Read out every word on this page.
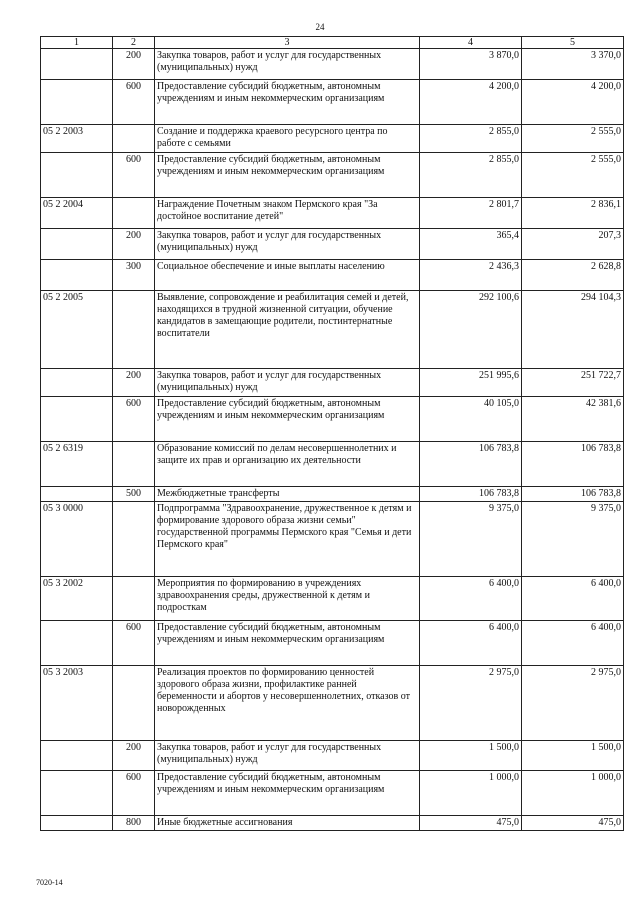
24
1	2	3	4	5
	200	Закупка товаров, работ и услуг для государственных (муниципальных) нужд	3 870,0	3 370,0
	600	Предоставление субсидий бюджетным, автономным учреждениям и иным некоммерческим организациям	4 200,0	4 200,0
05 2 2003		Создание и поддержка краевого ресурсного центра по работе с семьями	2 855,0	2 555,0
	600	Предоставление субсидий бюджетным, автономным учреждениям и иным некоммерческим организациям	2 855,0	2 555,0
05 2 2004		Награждение Почетным знаком Пермского края "За достойное воспитание детей"	2 801,7	2 836,1
	200	Закупка товаров, работ и услуг для государственных (муниципальных) нужд	365,4	207,3
	300	Социальное обеспечение и иные выплаты населению	2 436,3	2 628,8
05 2 2005		Выявление, сопровождение и реабилитация семей и детей, находящихся в трудной жизненной ситуации, обучение кандидатов в замещающие родители, постинтернатные воспитатели	292 100,6	294 104,3
	200	Закупка товаров, работ и услуг для государственных (муниципальных) нужд	251 995,6	251 722,7
	600	Предоставление субсидий бюджетным, автономным учреждениям и иным некоммерческим организациям	40 105,0	42 381,6
05 2 6319		Образование комиссий по делам несовершеннолетних и защите их прав и организацию их деятельности	106 783,8	106 783,8
	500	Межбюджетные трансферты	106 783,8	106 783,8
05 3 0000		Подпрограмма "Здравоохранение, дружественное к детям и формирование здорового образа жизни семьи" государственной программы Пермского края "Семья и дети Пермского края"	9 375,0	9 375,0
05 3 2002		Мероприятия по формированию в учреждениях здравоохранения среды, дружественной к детям и подросткам	6 400,0	6 400,0
	600	Предоставление субсидий бюджетным, автономным учреждениям и иным некоммерческим организациям	6 400,0	6 400,0
05 3 2003		Реализация проектов по формированию ценностей здорового образа жизни, профилактике ранней беременности и абортов у несовершеннолетних, отказов от новорожденных	2 975,0	2 975,0
	200	Закупка товаров, работ и услуг для государственных (муниципальных) нужд	1 500,0	1 500,0
	600	Предоставление субсидий бюджетным, автономным учреждениям и иным некоммерческим организациям	1 000,0	1 000,0
	800	Иные бюджетные ассигнования	475,0	475,0
7020-14
